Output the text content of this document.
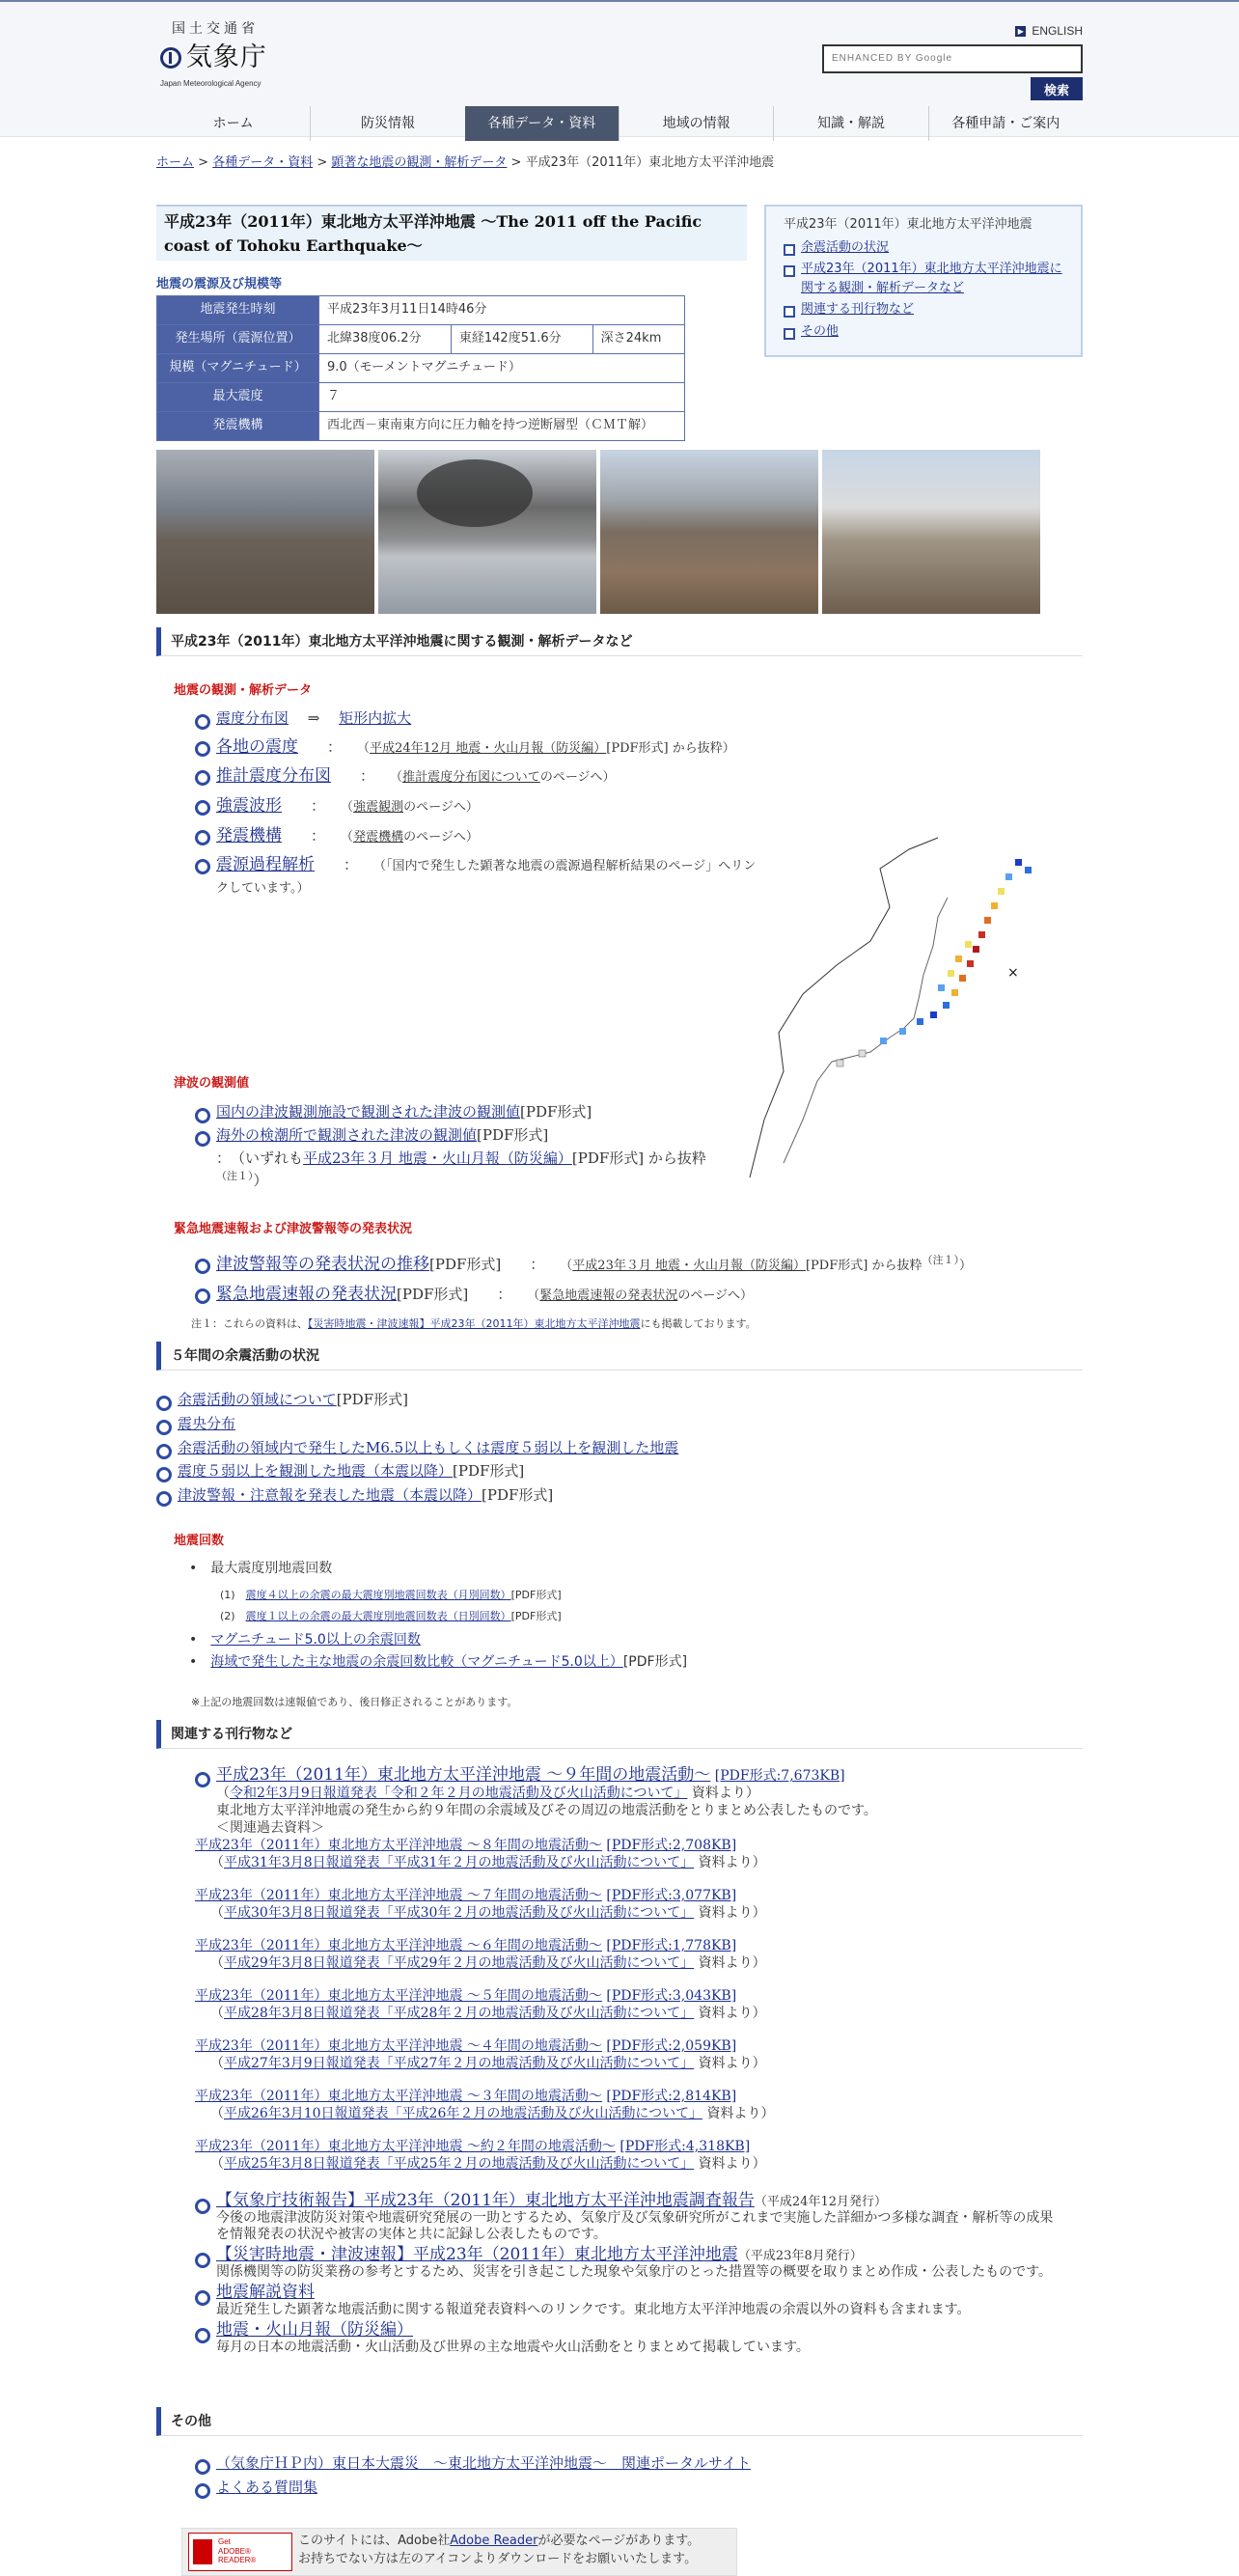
国土交通省
気象庁
Japan Meteorological Agency
▶ ENGLISH
ENHANCED BY Google
検索
ホーム	防災情報	各種データ・資料	地域の情報	知識・解説	各種申請・ご案内
ホーム > 各種データ・資料 > 顕著な地震の観測・解析データ > 平成23年（2011年）東北地方太平洋沖地震
平成23年（2011年）東北地方太平洋沖地震 ～The 2011 off the Pacific coast of Tohoku Earthquake～
平成23年（2011年）東北地方太平洋沖地震
余震活動の状況
平成23年（2011年）東北地方太平洋沖地震に関する観測・解析データなど
関連する刊行物など
その他
地震の震源及び規模等
地震発生時刻	平成23年3月11日14時46分		
発生場所（震源位置）	北緯38度06.2分	東経142度51.6分	深さ24km
規模（マグニチュード）	9.0（モーメントマグニチュード）		
最大震度	７		
発震機構	西北西－東南東方向に圧力軸を持つ逆断層型（ＣＭＴ解）		
平成23年（2011年）東北地方太平洋沖地震に関する観測・解析データなど
地震の観測・解析データ
震度分布図　 ⇒　 矩形内拡大
各地の震度　　 ：　　 （平成24年12月 地震・火山月報（防災編）[PDF形式] から抜粋）
推計震度分布図　　 ：　　 （推計震度分布図についてのページへ）
強震波形　　 ：　　 （強震観測のページへ）
発震機構　　 ：　　 （発震機構のページへ）
震源過程解析　　 ：　　 （「国内で発生した顕著な地震の震源過程解析結果のページ」へリンクしています。）
津波の観測値
国内の津波観測施設で観測された津波の観測値[PDF形式]
海外の検潮所で観測された津波の観測値[PDF形式]
：　（いずれも平成23年３月 地震・火山月報（防災編）[PDF形式] から抜粋
$^{(注1)}$）
緊急地震速報および津波警報等の発表状況
津波警報等の発表状況の推移[PDF形式]　　 ：　　 （平成23年３月 地震・火山月報（防災編）[PDF形式] から抜粋$^{(注1)}$）
緊急地震速報の発表状況[PDF形式]　　 ：　　 （緊急地震速報の発表状況のページへ）
注１：これらの資料は、【災害時地震・津波速報】平成23年（2011年）東北地方太平洋沖地震にも掲載しております。
×
５年間の余震活動の状況
余震活動の領域について[PDF形式]
震央分布
余震活動の領域内で発生したM6.5以上もしくは震度５弱以上を観測した地震
震度５弱以上を観測した地震（本震以降）[PDF形式]
津波警報・注意報を発表した地震（本震以降）[PDF形式]
地震回数
•　最大震度別地震回数
(1)　 震度４以上の余震の最大震度別地震回数表（月別回数）[PDF形式]
(2)　 震度１以上の余震の最大震度別地震回数表（日別回数）[PDF形式]
•　マグニチュード5.0以上の余震回数
•　海域で発生した主な地震の余震回数比較（マグニチュード5.0以上）[PDF形式]
※上記の地震回数は速報値であり、後日修正されることがあります。
関連する刊行物など
平成23年（2011年）東北地方太平洋沖地震 ～９年間の地震活動～ [PDF形式:7,673KB]
（令和2年3月9日報道発表「令和２年２月の地震活動及び火山活動について」 資料より）
東北地方太平洋沖地震の発生から約９年間の余震域及びその周辺の地震活動をとりまとめ公表したものです。
＜関連過去資料＞
平成23年（2011年）東北地方太平洋沖地震 ～８年間の地震活動～ [PDF形式:2,708KB]
（平成31年3月8日報道発表「平成31年２月の地震活動及び火山活動について」 資料より）
平成23年（2011年）東北地方太平洋沖地震 ～７年間の地震活動～ [PDF形式:3,077KB]
（平成30年3月8日報道発表「平成30年２月の地震活動及び火山活動について」 資料より）
平成23年（2011年）東北地方太平洋沖地震 ～６年間の地震活動～ [PDF形式:1,778KB]
（平成29年3月8日報道発表「平成29年２月の地震活動及び火山活動について」 資料より）
平成23年（2011年）東北地方太平洋沖地震 ～５年間の地震活動～ [PDF形式:3,043KB]
（平成28年3月8日報道発表「平成28年２月の地震活動及び火山活動について」 資料より）
平成23年（2011年）東北地方太平洋沖地震 ～４年間の地震活動～ [PDF形式:2,059KB]
（平成27年3月9日報道発表「平成27年２月の地震活動及び火山活動について」 資料より）
平成23年（2011年）東北地方太平洋沖地震 ～３年間の地震活動～ [PDF形式:2,814KB]
（平成26年3月10日報道発表「平成26年２月の地震活動及び火山活動について」 資料より）
平成23年（2011年）東北地方太平洋沖地震 ～約２年間の地震活動～ [PDF形式:4,318KB]
（平成25年3月8日報道発表「平成25年２月の地震活動及び火山活動について」 資料より）
【気象庁技術報告】平成23年（2011年）東北地方太平洋沖地震調査報告（平成24年12月発行）
今後の地震津波防災対策や地震研究発展の一助とするため、気象庁及び気象研究所がこれまで実施した詳細かつ多様な調査・解析等の成果を情報発表の状況や被害の実体と共に記録し公表したものです。
【災害時地震・津波速報】平成23年（2011年）東北地方太平洋沖地震（平成23年8月発行）
関係機関等の防災業務の参考とするため、災害を引き起こした現象や気象庁のとった措置等の概要を取りまとめ作成・公表したものです。
地震解説資料
最近発生した顕著な地震活動に関する報道発表資料へのリンクです。東北地方太平洋沖地震の余震以外の資料も含まれます。
地震・火山月報（防災編）
毎月の日本の地震活動・火山活動及び世界の主な地震や火山活動をとりまとめて掲載しています。
その他
（気象庁ＨＰ内）東日本大震災　～東北地方太平洋沖地震～　関連ポータルサイト
よくある質問集
Get
ADOBE® READER®
このサイトには、Adobe社Adobe Readerが必要なページがあります。
お持ちでない方は左のアイコンよりダウンロードをお願いいたします。
